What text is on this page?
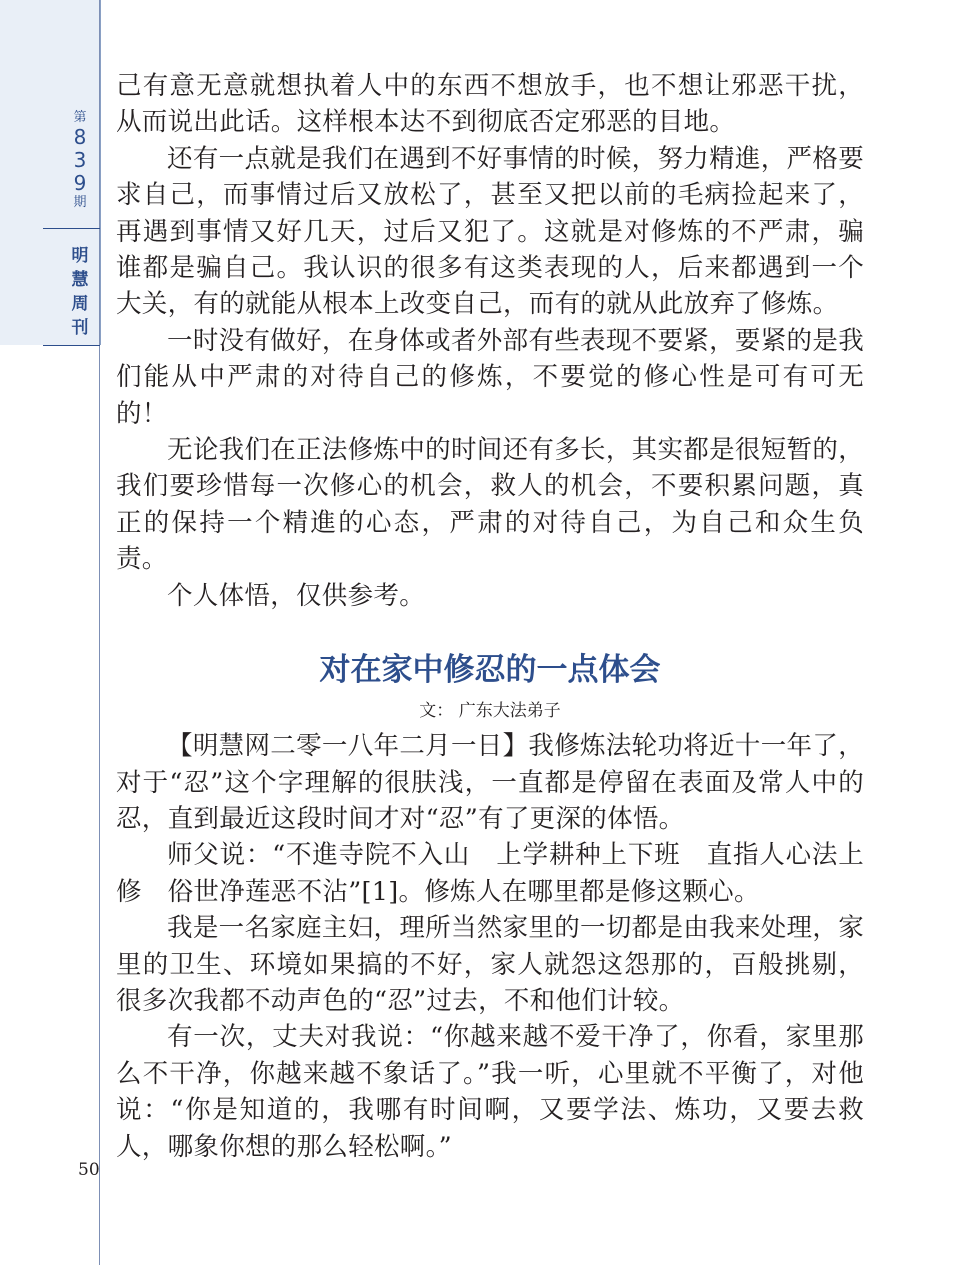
第
8
3
9
期
明
慧
周
刊
50

己有意无意就想执着人中的东西不想放手，也不想让邪恶干扰，从而说出此话。这样根本达不到彻底否定邪恶的目地。

还有一点就是我们在遇到不好事情的时候，努力精進，严格要求自己，而事情过后又放松了，甚至又把以前的毛病捡起来了，再遇到事情又好几天，过后又犯了。这就是对修炼的不严肃，骗谁都是骗自己。我认识的很多有这类表现的人，后来都遇到一个大关，有的就能从根本上改变自己，而有的就从此放弃了修炼。

一时没有做好，在身体或者外部有些表现不要紧，要紧的是我们能从中严肃的对待自己的修炼，不要觉的修心性是可有可无的！

无论我们在正法修炼中的时间还有多长，其实都是很短暂的，我们要珍惜每一次修心的机会，救人的机会，不要积累问题，真正的保持一个精進的心态，严肃的对待自己，为自己和众生负责。

个人体悟，仅供参考。

对在家中修忍的一点体会
文： 广东大法弟子

【明慧网二零一八年二月一日】我修炼法轮功将近十一年了，对于“忍”这个字理解的很肤浅，一直都是停留在表面及常人中的忍，直到最近这段时间才对“忍”有了更深的体悟。

师父说：“不進寺院不入山　上学耕种上下班　直指人心法上修　俗世净莲恶不沾”[1]。修炼人在哪里都是修这颗心。

我是一名家庭主妇，理所当然家里的一切都是由我来处理，家里的卫生、环境如果搞的不好，家人就怨这怨那的，百般挑剔，很多次我都不动声色的“忍”过去，不和他们计较。

有一次，丈夫对我说：“你越来越不爱干净了，你看，家里那么不干净，你越来越不象话了。”我一听，心里就不平衡了，对他说：“你是知道的，我哪有时间啊，又要学法、炼功，又要去救人，哪象你想的那么轻松啊。”
